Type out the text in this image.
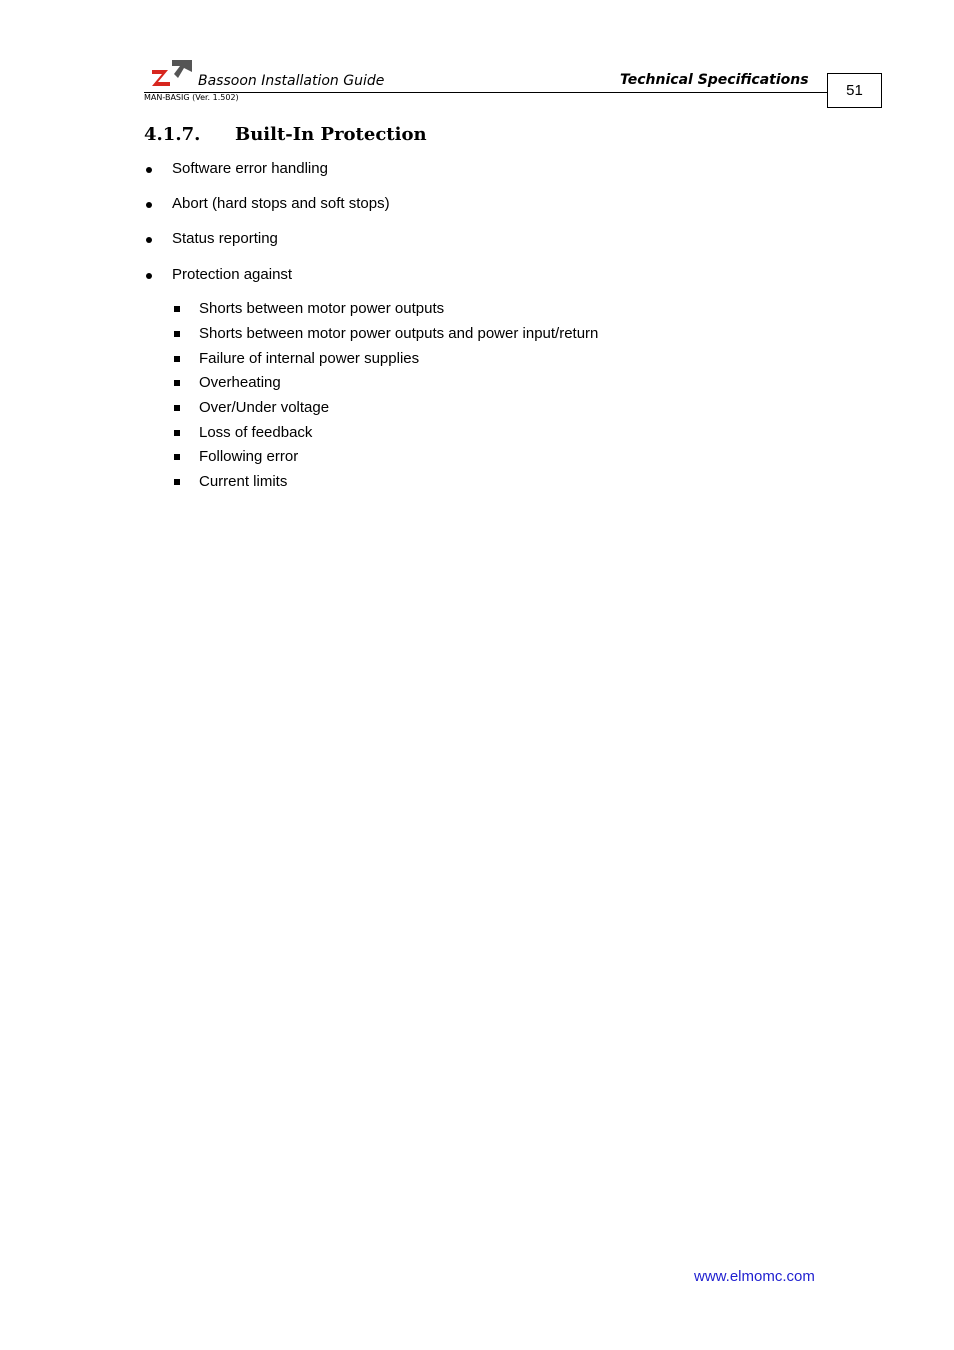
Bassoon Installation Guide	Technical Specifications
MAN-BASIG (Ver. 1.502)	51
4.1.7. Built-In Protection
Software error handling
Abort (hard stops and soft stops)
Status reporting
Protection against
Shorts between motor power outputs
Shorts between motor power outputs and power input/return
Failure of internal power supplies
Overheating
Over/Under voltage
Loss of feedback
Following error
Current limits
www.elmomc.com
